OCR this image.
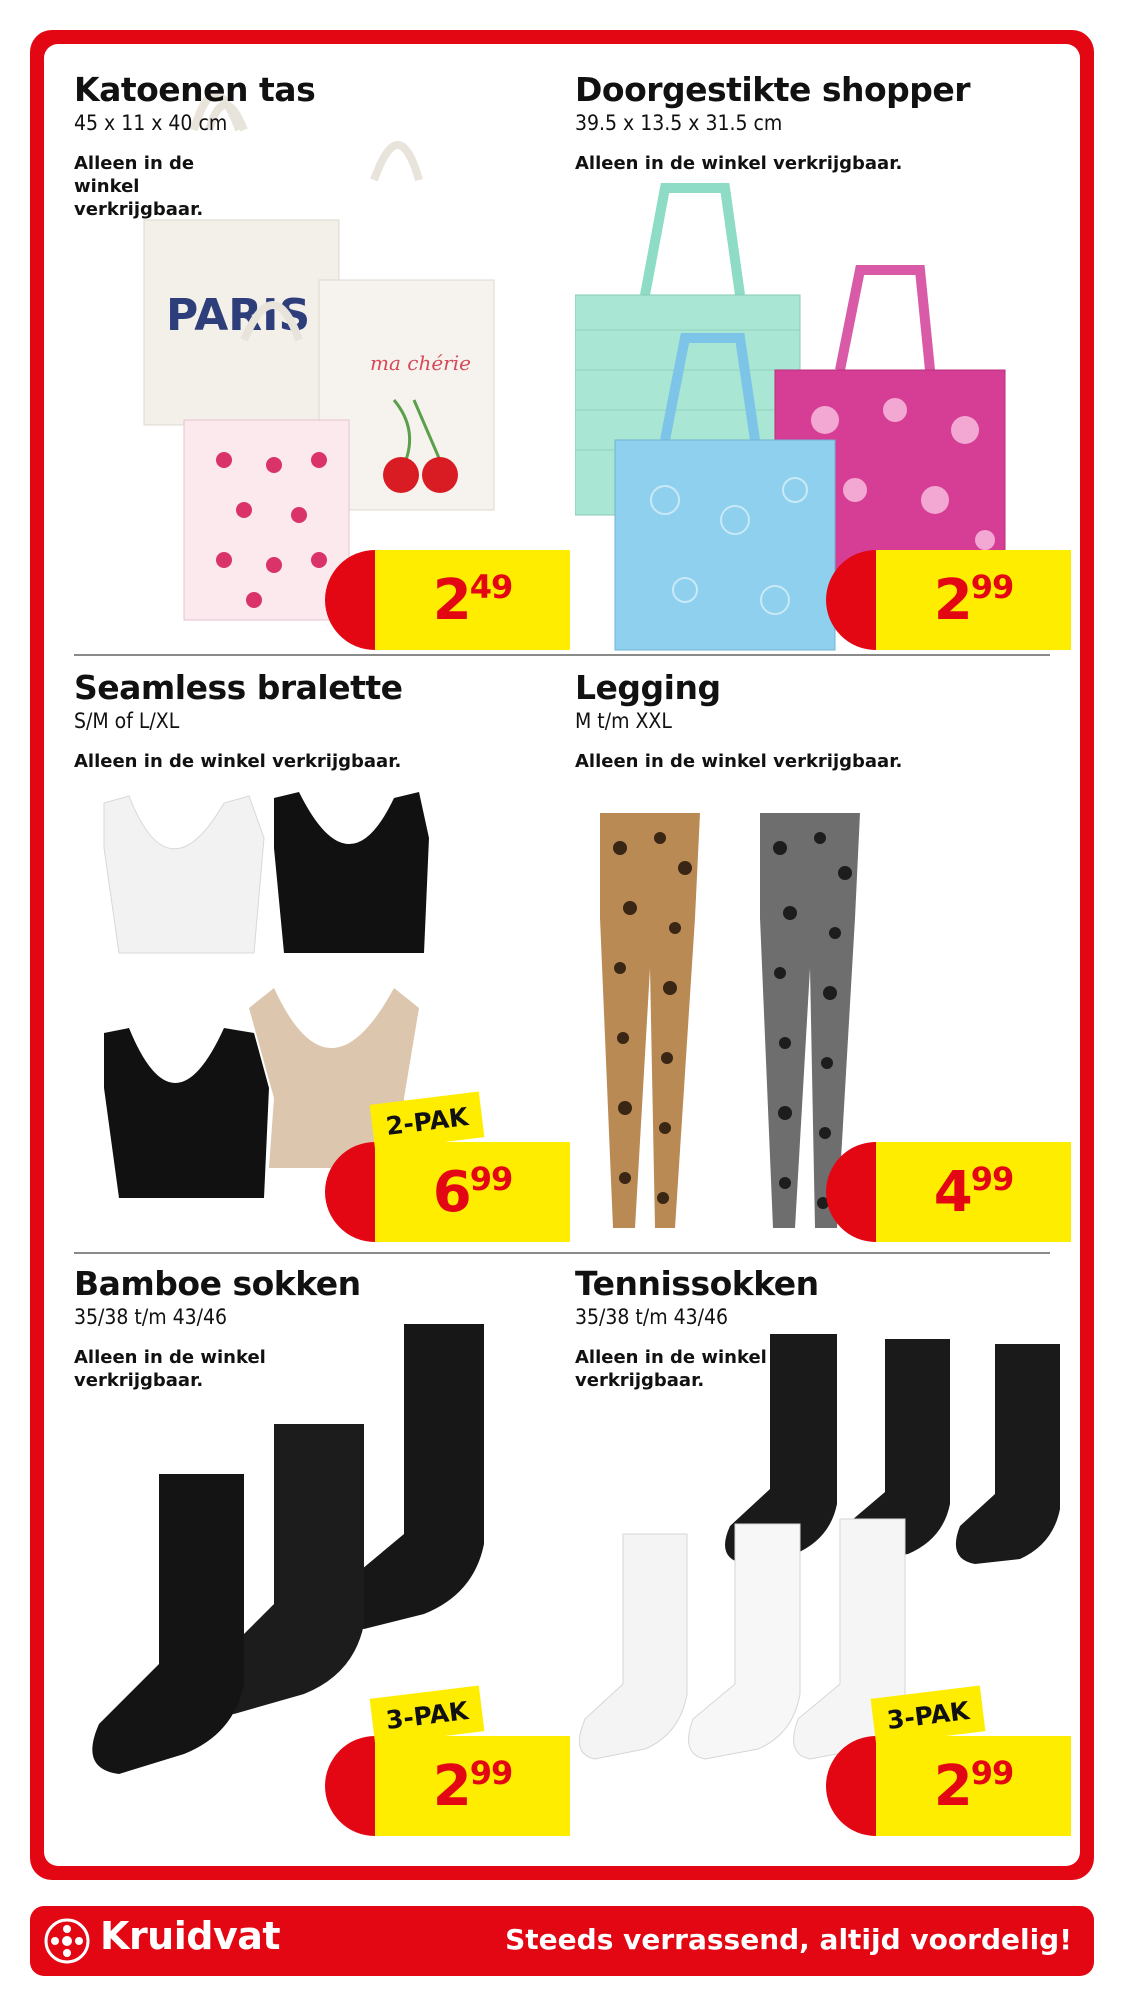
PARIS
ma chérie
Katoenen tas
45 x 11 x 40 cm
Alleen in de winkel verkrijgbaar.
2 49
Doorgestikte shopper
39.5 x 13.5 x 31.5 cm
Alleen in de winkel verkrijgbaar.
2 99
Seamless bralette
S/M of L/XL
Alleen in de winkel verkrijgbaar.
2-PAK
6 99
Legging
M t/m XXL
Alleen in de winkel verkrijgbaar.
4 99
Bamboe sokken
35/38 t/m 43/46
Alleen in de winkel verkrijgbaar.
3-PAK
2 99
Tennissokken
35/38 t/m 43/46
Alleen in de winkel verkrijgbaar.
3-PAK
2 99
Kruidvat	Steeds verrassend, altijd voordelig!
